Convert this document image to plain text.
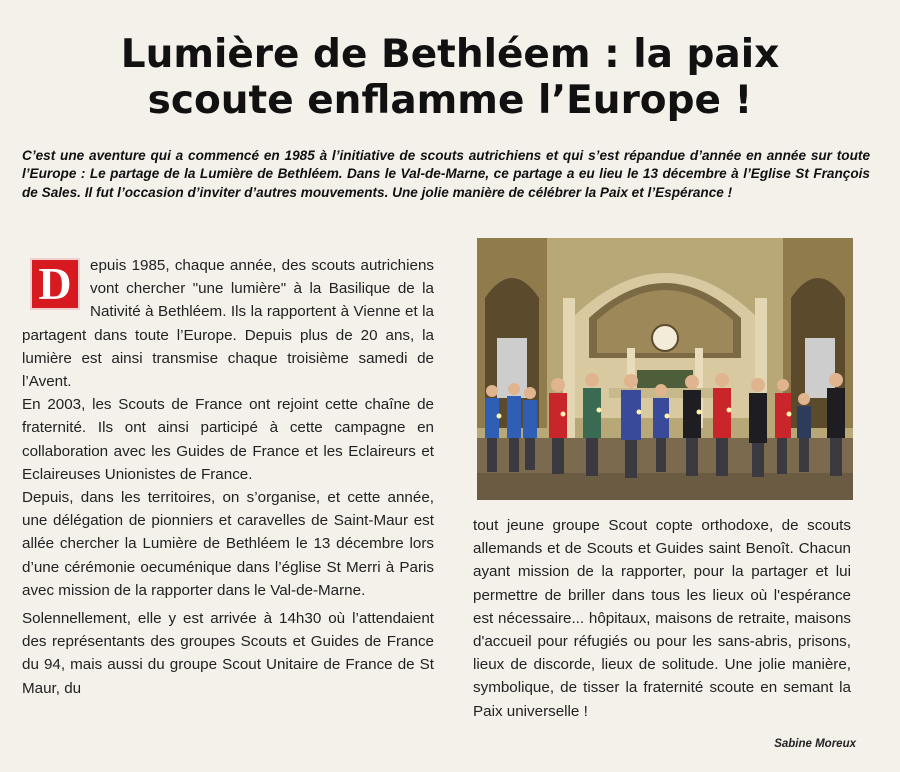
Lumière de Bethléem : la paix
scoute enflamme l’Europe !

C’est une aventure qui a commencé en 1985 à l’initiative de scouts autrichiens et qui s’est répandue d’année en année sur toute l’Europe : Le partage de la Lumière de Bethléem. Dans le Val-de-Marne, ce partage a eu lieu le 13 décembre à l’Eglise St François de Sales. Il fut l’occasion d’inviter d’autres mouvements. Une jolie manière de célébrer la Paix et l’Espérance !

D	epuis 1985, chaque année, des scouts autrichiens vont chercher "une lumière" à la Basilique de la Nativité à Bethléem. Ils la rapportent à Vienne et la partagent dans toute l’Europe. Depuis plus de 20 ans, la lumière est ainsi transmise chaque troisième samedi de l’Avent.

En 2003, les Scouts de France ont rejoint cette chaîne de fraternité. Ils ont ainsi participé à cette campagne en collaboration avec les Guides de France et les Eclaireurs et Eclaireuses Unionistes de France.

Depuis, dans les territoires, on s’organise, et cette année, une délégation de pionniers et caravelles de Saint-Maur est allée chercher la Lumière de Bethléem le 13 décembre lors d’une cérémonie oecuménique dans l’église St Merri à Paris avec mission de la rapporter dans le Val-de-Marne.

Solennellement, elle y est arrivée à 14h30 où l’attendaient des représentants des groupes Scouts et Guides de France du 94, mais aussi du groupe Scout Unitaire de France de St Maur, du

tout jeune groupe Scout copte orthodoxe, de scouts allemands et de Scouts et Guides saint Benoît. Chacun ayant mission de la rapporter, pour la partager et lui permettre de briller dans tous les lieux où l'espérance est nécessaire... hôpitaux, maisons de retraite, maisons d'accueil pour réfugiés ou pour les sans-abris, prisons, lieux de discorde, lieux de solitude. Une jolie manière, symbolique, de tisser la fraternité scoute en semant la Paix universelle !

Sabine Moreux
